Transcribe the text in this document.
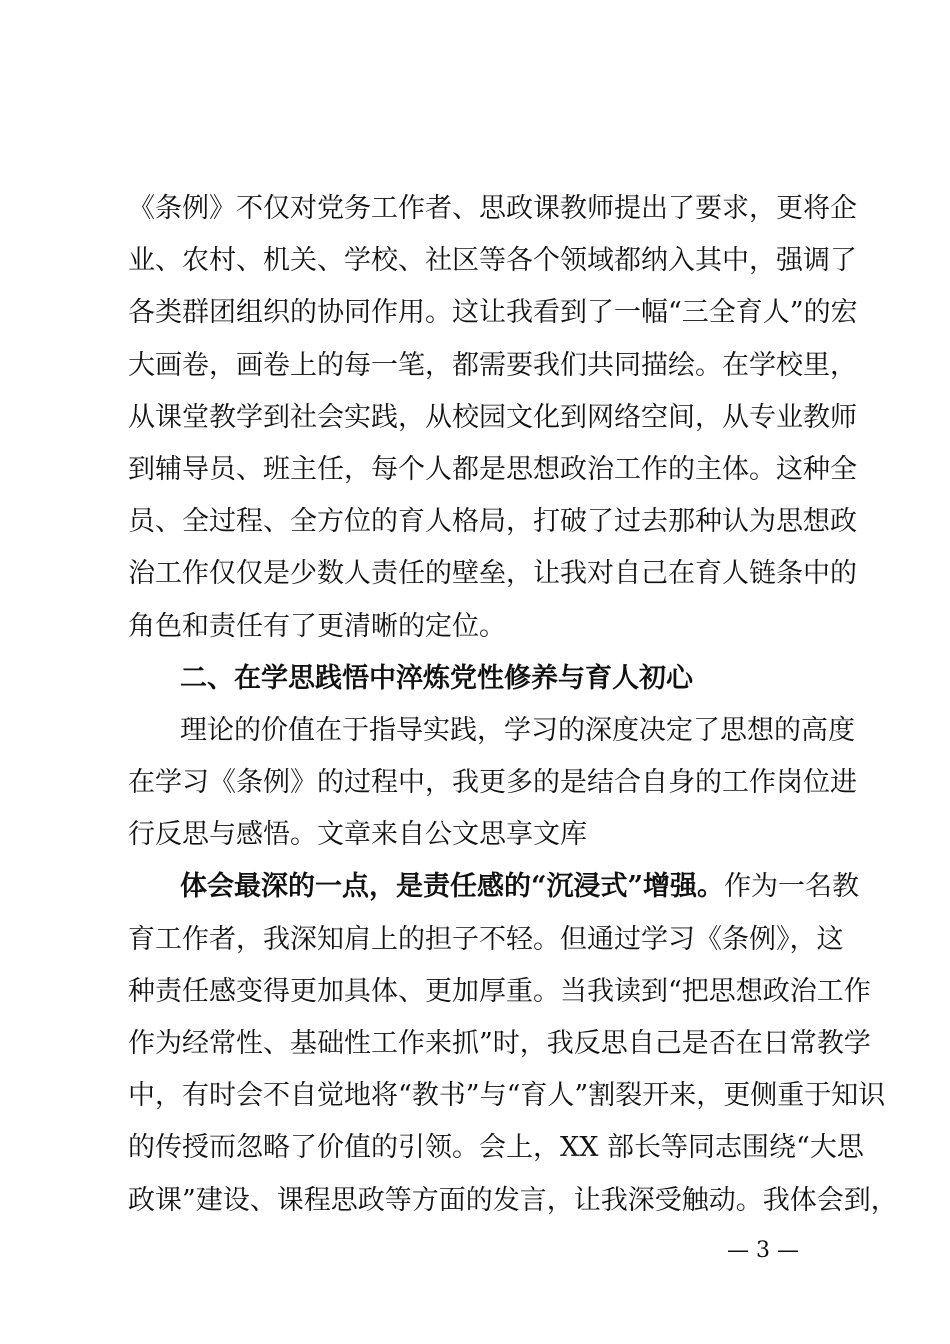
《条例》不仅对党务工作者、思政课教师提出了要求，更将企
业、农村、机关、学校、社区等各个领域都纳入其中，强调了
各类群团组织的协同作用。这让我看到了一幅“三全育人”的宏
大画卷，画卷上的每一笔，都需要我们共同描绘。在学校里，
从课堂教学到社会实践，从校园文化到网络空间，从专业教师
到辅导员、班主任，每个人都是思想政治工作的主体。这种全
员、全过程、全方位的育人格局，打破了过去那种认为思想政
治工作仅仅是少数人责任的壁垒，让我对自己在育人链条中的
角色和责任有了更清晰的定位。
二、在学思践悟中淬炼党性修养与育人初心
理论的价值在于指导实践，学习的深度决定了思想的高度
在学习《条例》的过程中，我更多的是结合自身的工作岗位进
行反思与感悟。文章来自公文思享文库
体会最深的一点，是责任感的“沉浸式”增强。作为一名教
育工作者，我深知肩上的担子不轻。但通过学习《条例》，这
种责任感变得更加具体、更加厚重。当我读到“把思想政治工作
作为经常性、基础性工作来抓”时，我反思自己是否在日常教学
中，有时会不自觉地将“教书”与“育人”割裂开来，更侧重于知识
的传授而忽略了价值的引领。会上，XX 部长等同志围绕“大思
政课”建设、课程思政等方面的发言，让我深受触动。我体会到，
— 3 —
